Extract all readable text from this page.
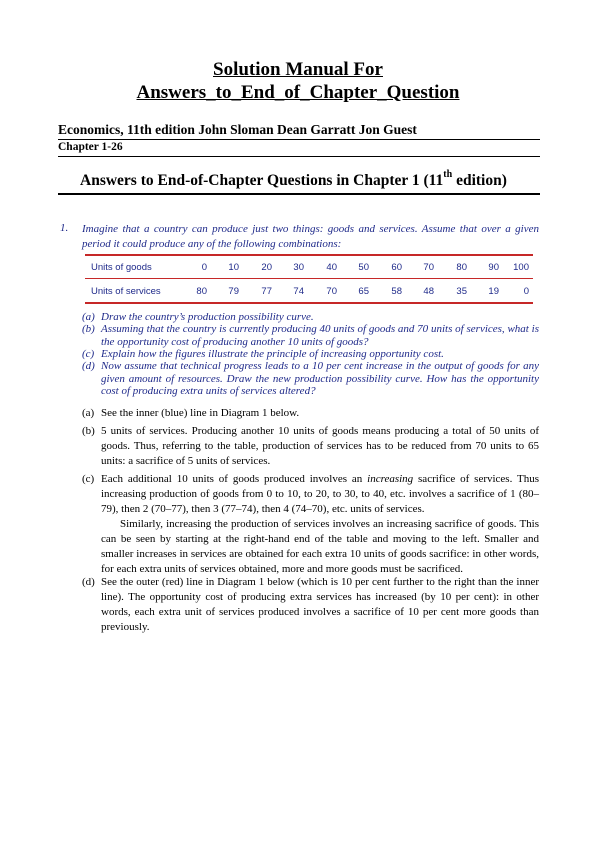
Solution Manual For
Answers_to_End_of_Chapter_Question
Economics, 11th edition John Sloman Dean Garratt Jon Guest
Chapter 1-26
Answers to End-of-Chapter Questions in Chapter 1 (11th edition)
1. Imagine that a country can produce just two things: goods and services. Assume that over a given period it could produce any of the following combinations:
Units of goods	0	10	20	30	40	50	60	70	80	90	100
Units of services	80	79	77	74	70	65	58	48	35	19	0
(a) Draw the country’s production possibility curve.
(b) Assuming that the country is currently producing 40 units of goods and 70 units of services, what is the opportunity cost of producing another 10 units of goods?
(c) Explain how the figures illustrate the principle of increasing opportunity cost.
(d) Now assume that technical progress leads to a 10 per cent increase in the output of goods for any given amount of resources. Draw the new production possibility curve. How has the opportunity cost of producing extra units of services altered?
(a) See the inner (blue) line in Diagram 1 below.
(b) 5 units of services. Producing another 10 units of goods means producing a total of 50 units of goods. Thus, referring to the table, production of services has to be reduced from 70 units to 65 units: a sacrifice of 5 units of services.
(c) Each additional 10 units of goods produced involves an increasing sacrifice of services. Thus increasing production of goods from 0 to 10, to 20, to 30, to 40, etc. involves a sacrifice of 1 (80–79), then 2 (70–77), then 3 (77–74), then 4 (74–70), etc. units of services.
Similarly, increasing the production of services involves an increasing sacrifice of goods. This can be seen by starting at the right-hand end of the table and moving to the left. Smaller and smaller increases in services are obtained for each extra 10 units of goods sacrifice: in other words, for each extra units of services obtained, more and more goods must be sacrificed.
(d) See the outer (red) line in Diagram 1 below (which is 10 per cent further to the right than the inner line). The opportunity cost of producing extra services has increased (by 10 per cent): in other words, each extra unit of services produced involves a sacrifice of 10 per cent more goods than previously.
